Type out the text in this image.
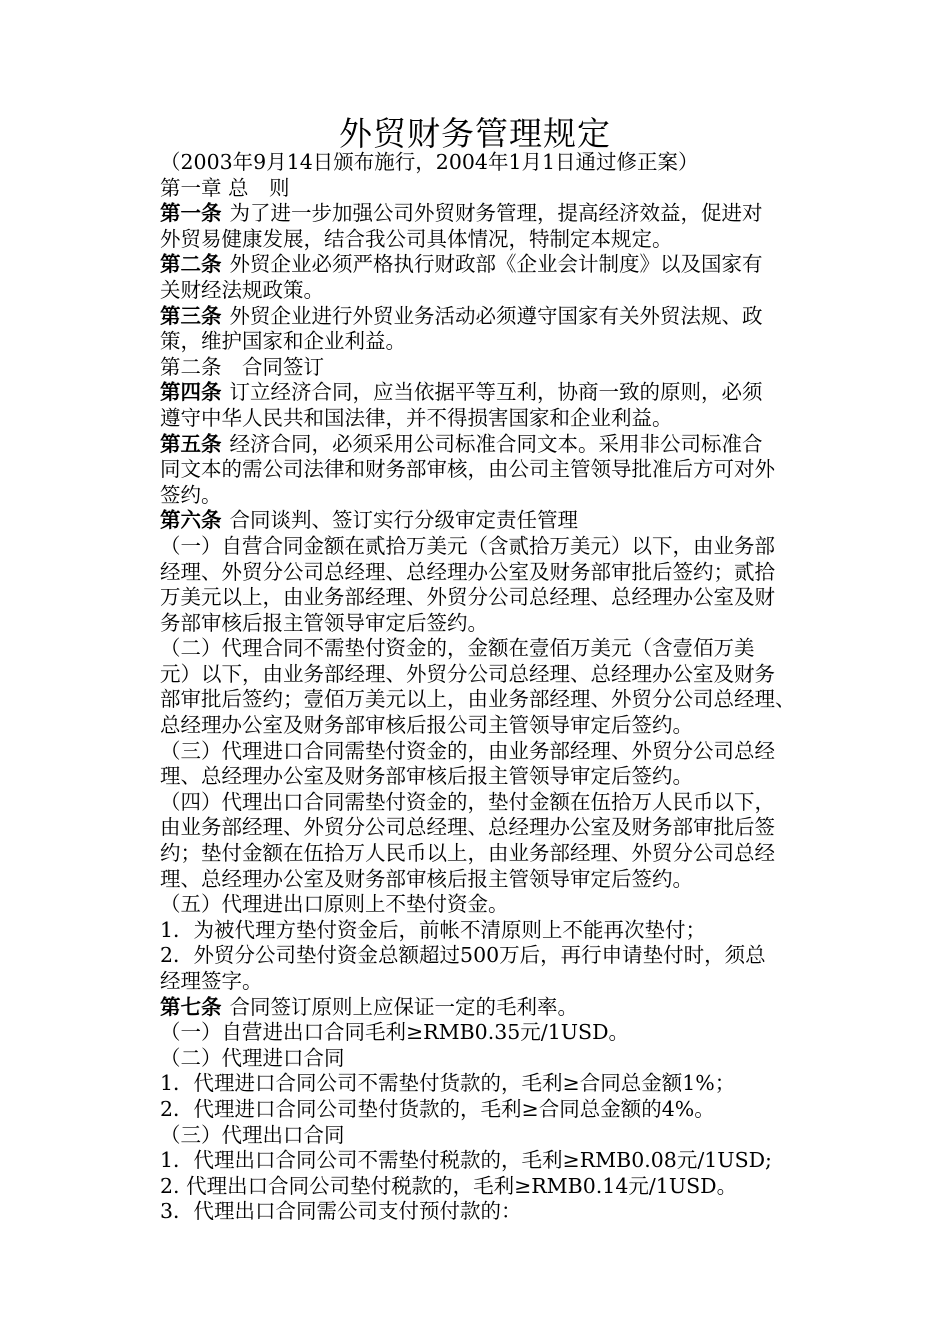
外贸财务管理规定
（2003年9月14日颁布施行，2004年1月1日通过修正案）
第一章 总　则
第一条 为了进一步加强公司外贸财务管理，提高经济效益，促进对
外贸易健康发展，结合我公司具体情况，特制定本规定。
第二条 外贸企业必须严格执行财政部《企业会计制度》以及国家有
关财经法规政策。
第三条 外贸企业进行外贸业务活动必须遵守国家有关外贸法规、政
策，维护国家和企业利益。
第二条　合同签订
第四条 订立经济合同，应当依据平等互利，协商一致的原则，必须
遵守中华人民共和国法律，并不得损害国家和企业利益。
第五条 经济合同，必须采用公司标准合同文本。采用非公司标准合
同文本的需公司法律和财务部审核，由公司主管领导批准后方可对外
签约。
第六条 合同谈判、签订实行分级审定责任管理
（一）自营合同金额在贰拾万美元（含贰拾万美元）以下，由业务部
经理、外贸分公司总经理、总经理办公室及财务部审批后签约；贰拾
万美元以上，由业务部经理、外贸分公司总经理、总经理办公室及财
务部审核后报主管领导审定后签约。
（二）代理合同不需垫付资金的，金额在壹佰万美元（含壹佰万美
元）以下，由业务部经理、外贸分公司总经理、总经理办公室及财务
部审批后签约；壹佰万美元以上，由业务部经理、外贸分公司总经理、
总经理办公室及财务部审核后报公司主管领导审定后签约。
（三）代理进口合同需垫付资金的，由业务部经理、外贸分公司总经
理、总经理办公室及财务部审核后报主管领导审定后签约。
（四）代理出口合同需垫付资金的，垫付金额在伍拾万人民币以下，
由业务部经理、外贸分公司总经理、总经理办公室及财务部审批后签
约；垫付金额在伍拾万人民币以上，由业务部经理、外贸分公司总经
理、总经理办公室及财务部审核后报主管领导审定后签约。
（五）代理进出口原则上不垫付资金。
1．为被代理方垫付资金后，前帐不清原则上不能再次垫付；
2．外贸分公司垫付资金总额超过500万后，再行申请垫付时，须总
经理签字。
第七条 合同签订原则上应保证一定的毛利率。
（一）自营进出口合同毛利≥RMB0.35元/1USD。
（二）代理进口合同
1．代理进口合同公司不需垫付货款的，毛利≥合同总金额1%；
2．代理进口合同公司垫付货款的，毛利≥合同总金额的4%。
（三）代理出口合同
1．代理出口合同公司不需垫付税款的，毛利≥RMB0.08元/1USD;
2. 代理出口合同公司垫付税款的，毛利≥RMB0.14元/1USD。
3．代理出口合同需公司支付预付款的：
